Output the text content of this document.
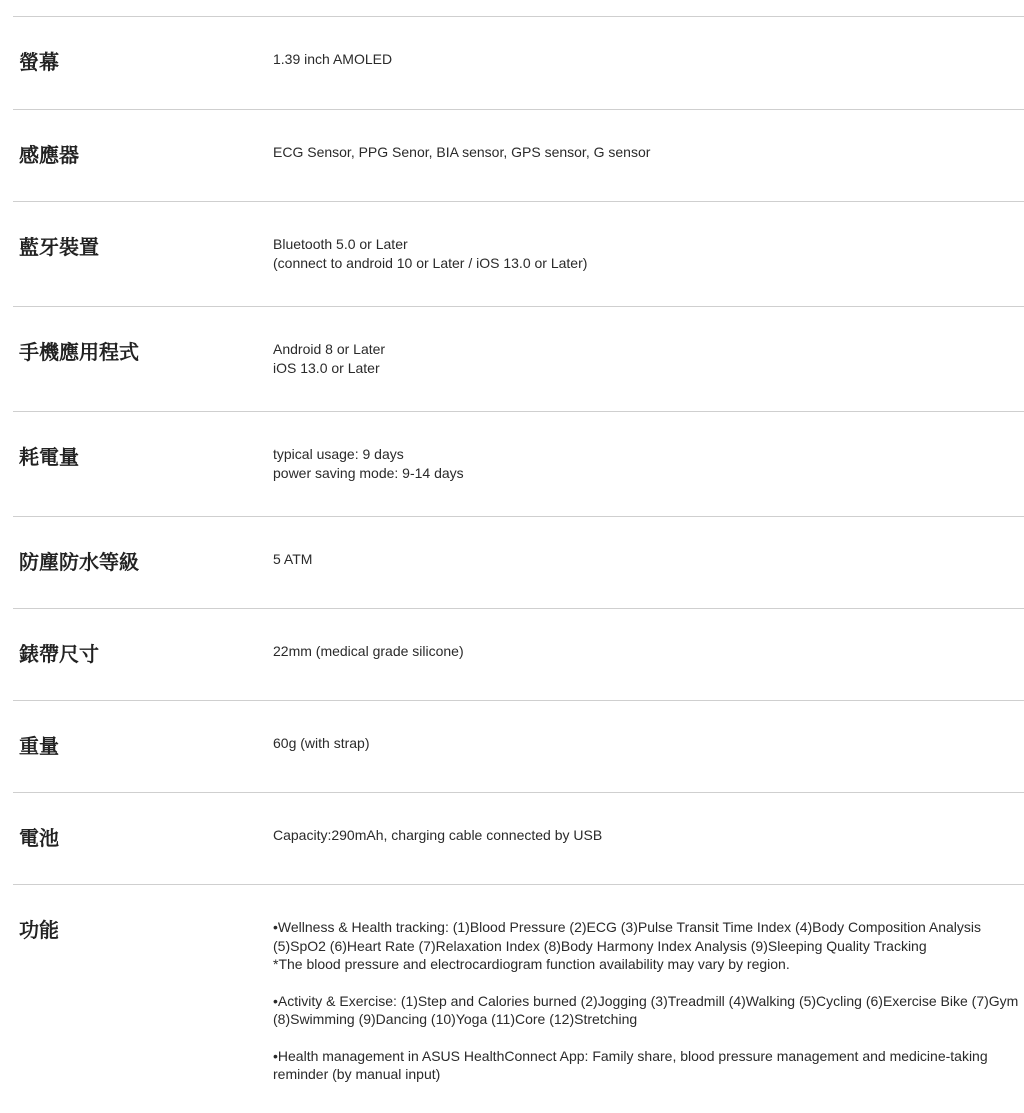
螢幕	1.39 inch AMOLED
感應器	ECG Sensor, PPG Senor, BIA sensor, GPS sensor, G sensor
藍牙裝置	Bluetooth 5.0 or Later
(connect to android 10 or Later / iOS 13.0 or Later)
手機應用程式	Android 8 or Later
iOS 13.0 or Later
耗電量	typical usage: 9 days
power saving mode: 9-14 days
防塵防水等級	5 ATM
錶帶尺寸	22mm (medical grade silicone)
重量	60g (with strap)
電池	Capacity:290mAh, charging cable connected by USB
功能	•Wellness & Health tracking: (1)Blood Pressure (2)ECG (3)Pulse Transit Time Index (4)Body Composition Analysis
(5)SpO2 (6)Heart Rate (7)Relaxation Index (8)Body Harmony Index Analysis (9)Sleeping Quality Tracking
*The blood pressure and electrocardiogram function availability may vary by region.
•Activity & Exercise: (1)Step and Calories burned (2)Jogging (3)Treadmill (4)Walking (5)Cycling (6)Exercise Bike (7)Gym
(8)Swimming (9)Dancing (10)Yoga (11)Core (12)Stretching
•Health management in ASUS HealthConnect App: Family share, blood pressure management and medicine-taking
reminder (by manual input)
